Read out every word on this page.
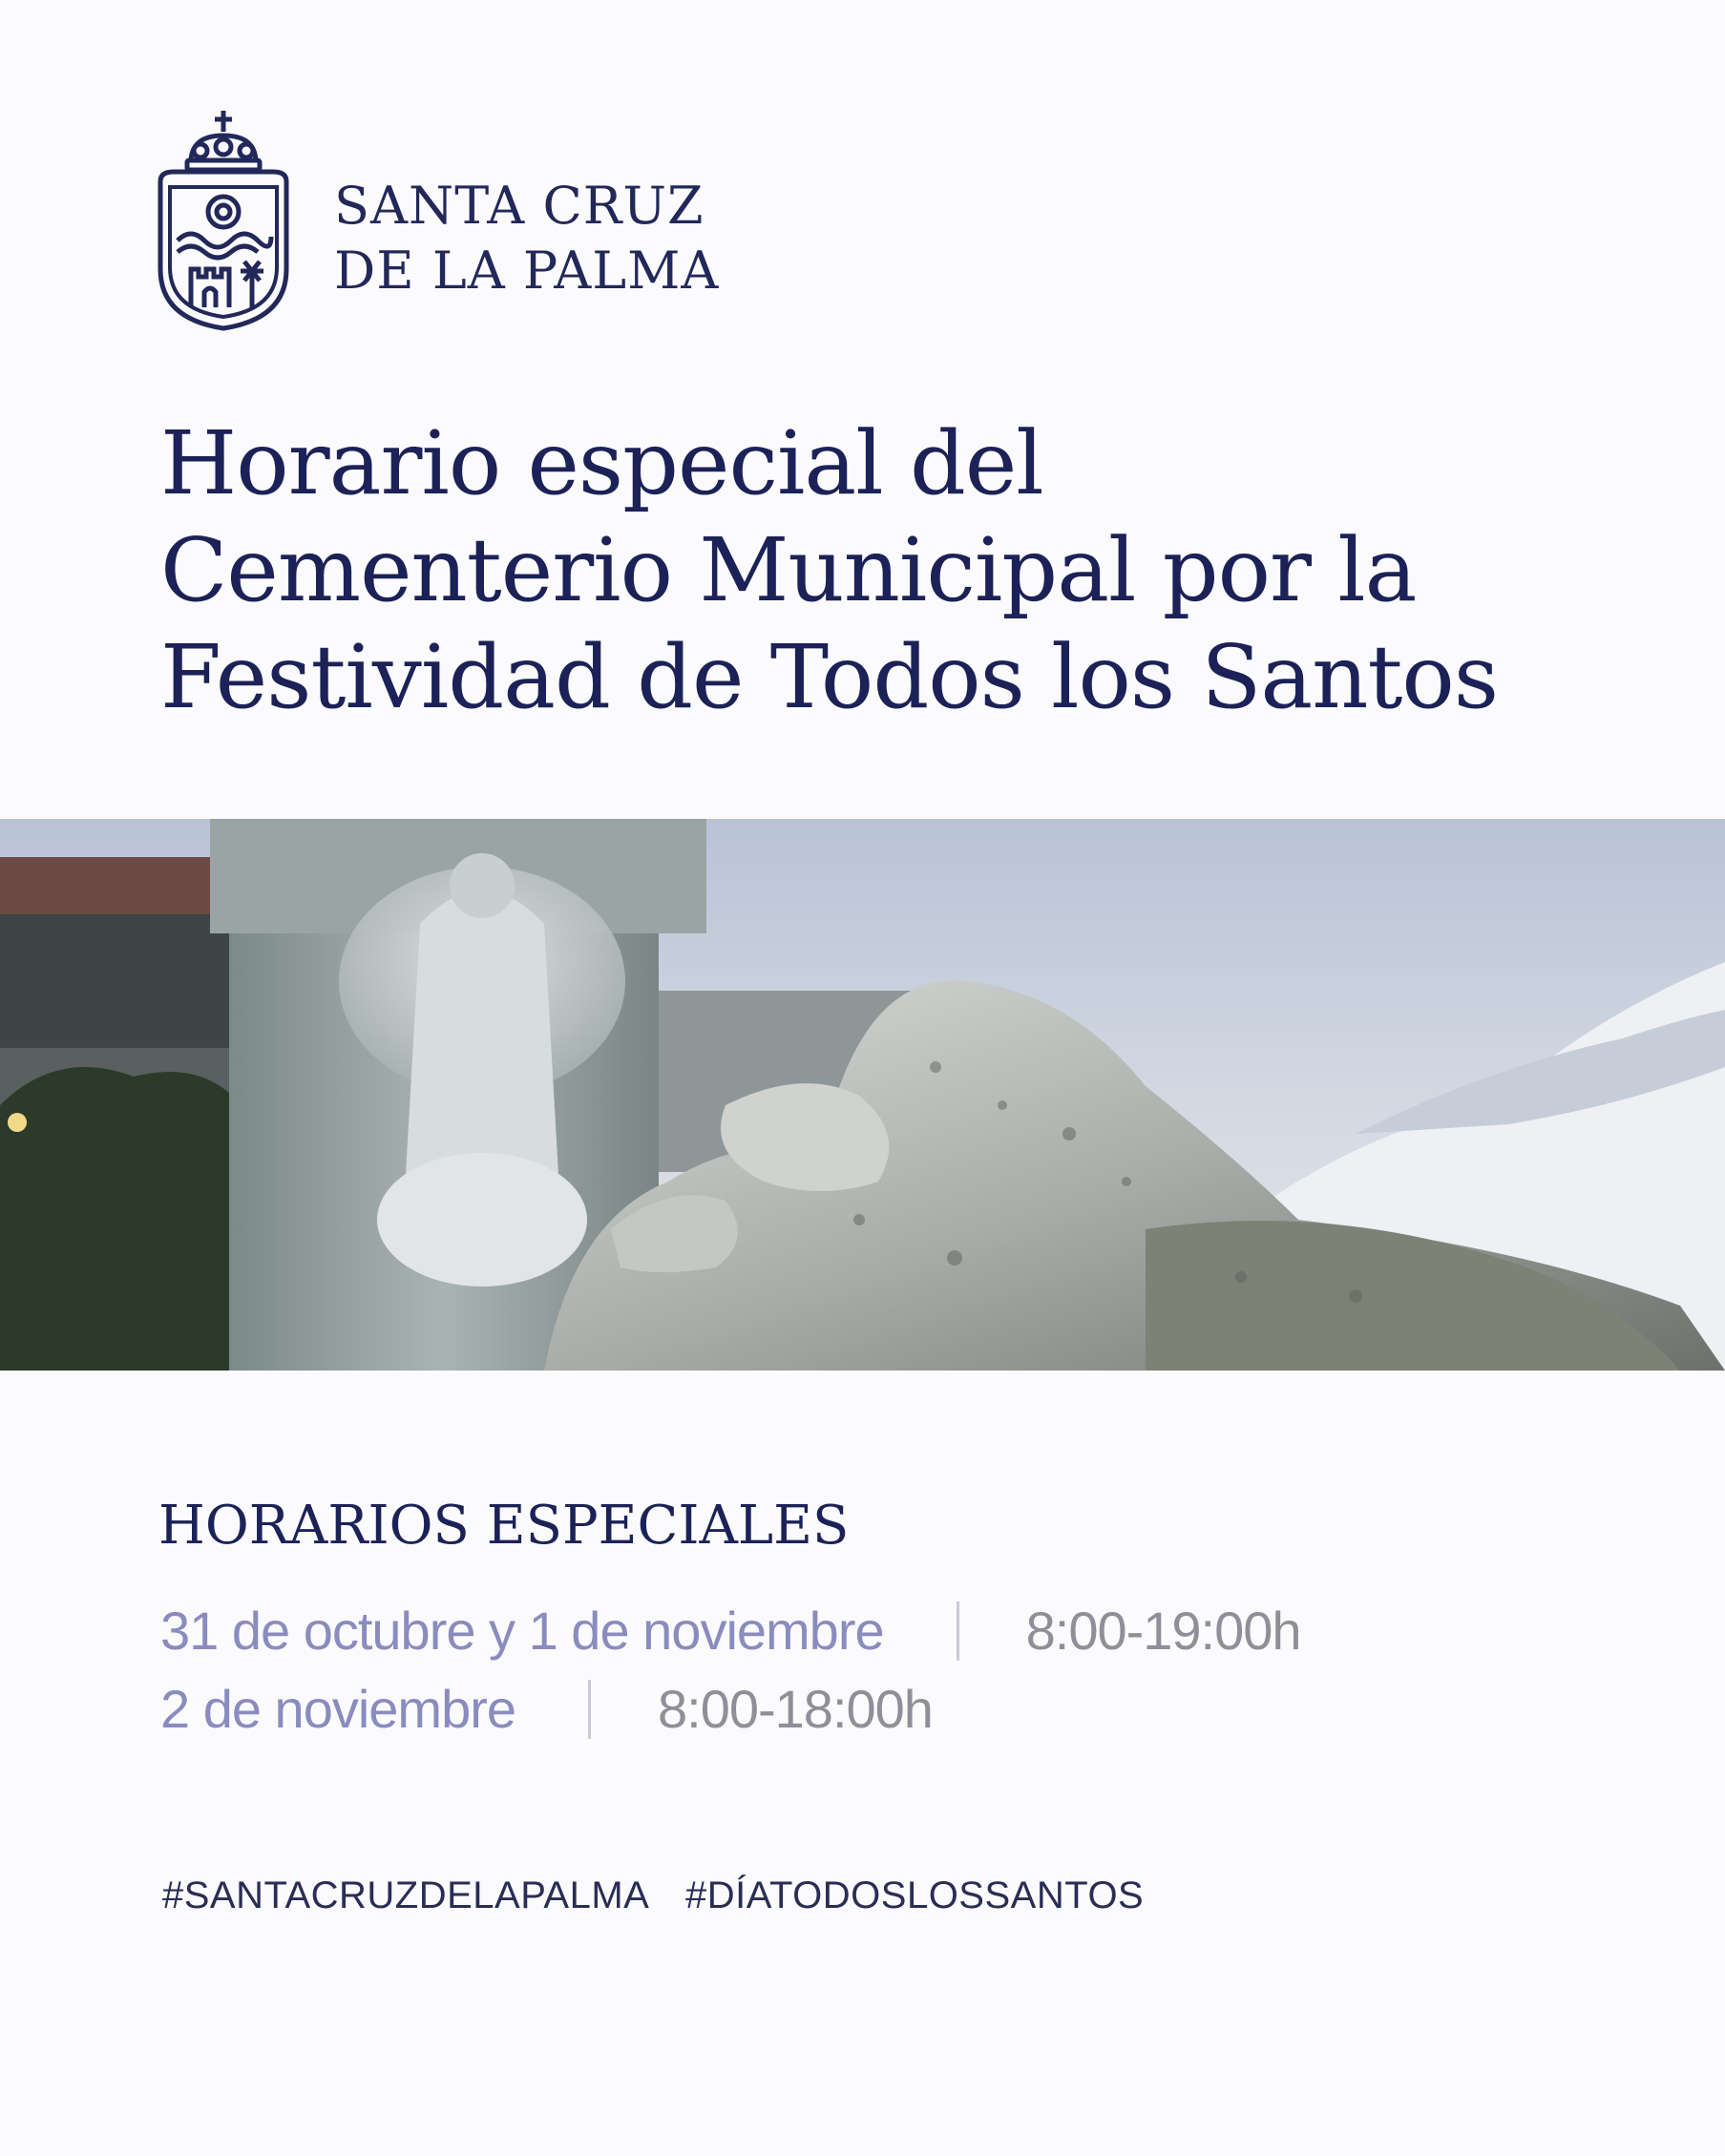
SANTA CRUZ
DE LA PALMA
Horario especial del
Cementerio Municipal por la
Festividad de Todos los Santos
HORARIOS ESPECIALES
31 de octubre y 1 de noviembre	8:00-19:00h
2 de noviembre	8:00-18:00h
#SANTACRUZDELAPALMA #DÍATODOSLOSSANTOS
